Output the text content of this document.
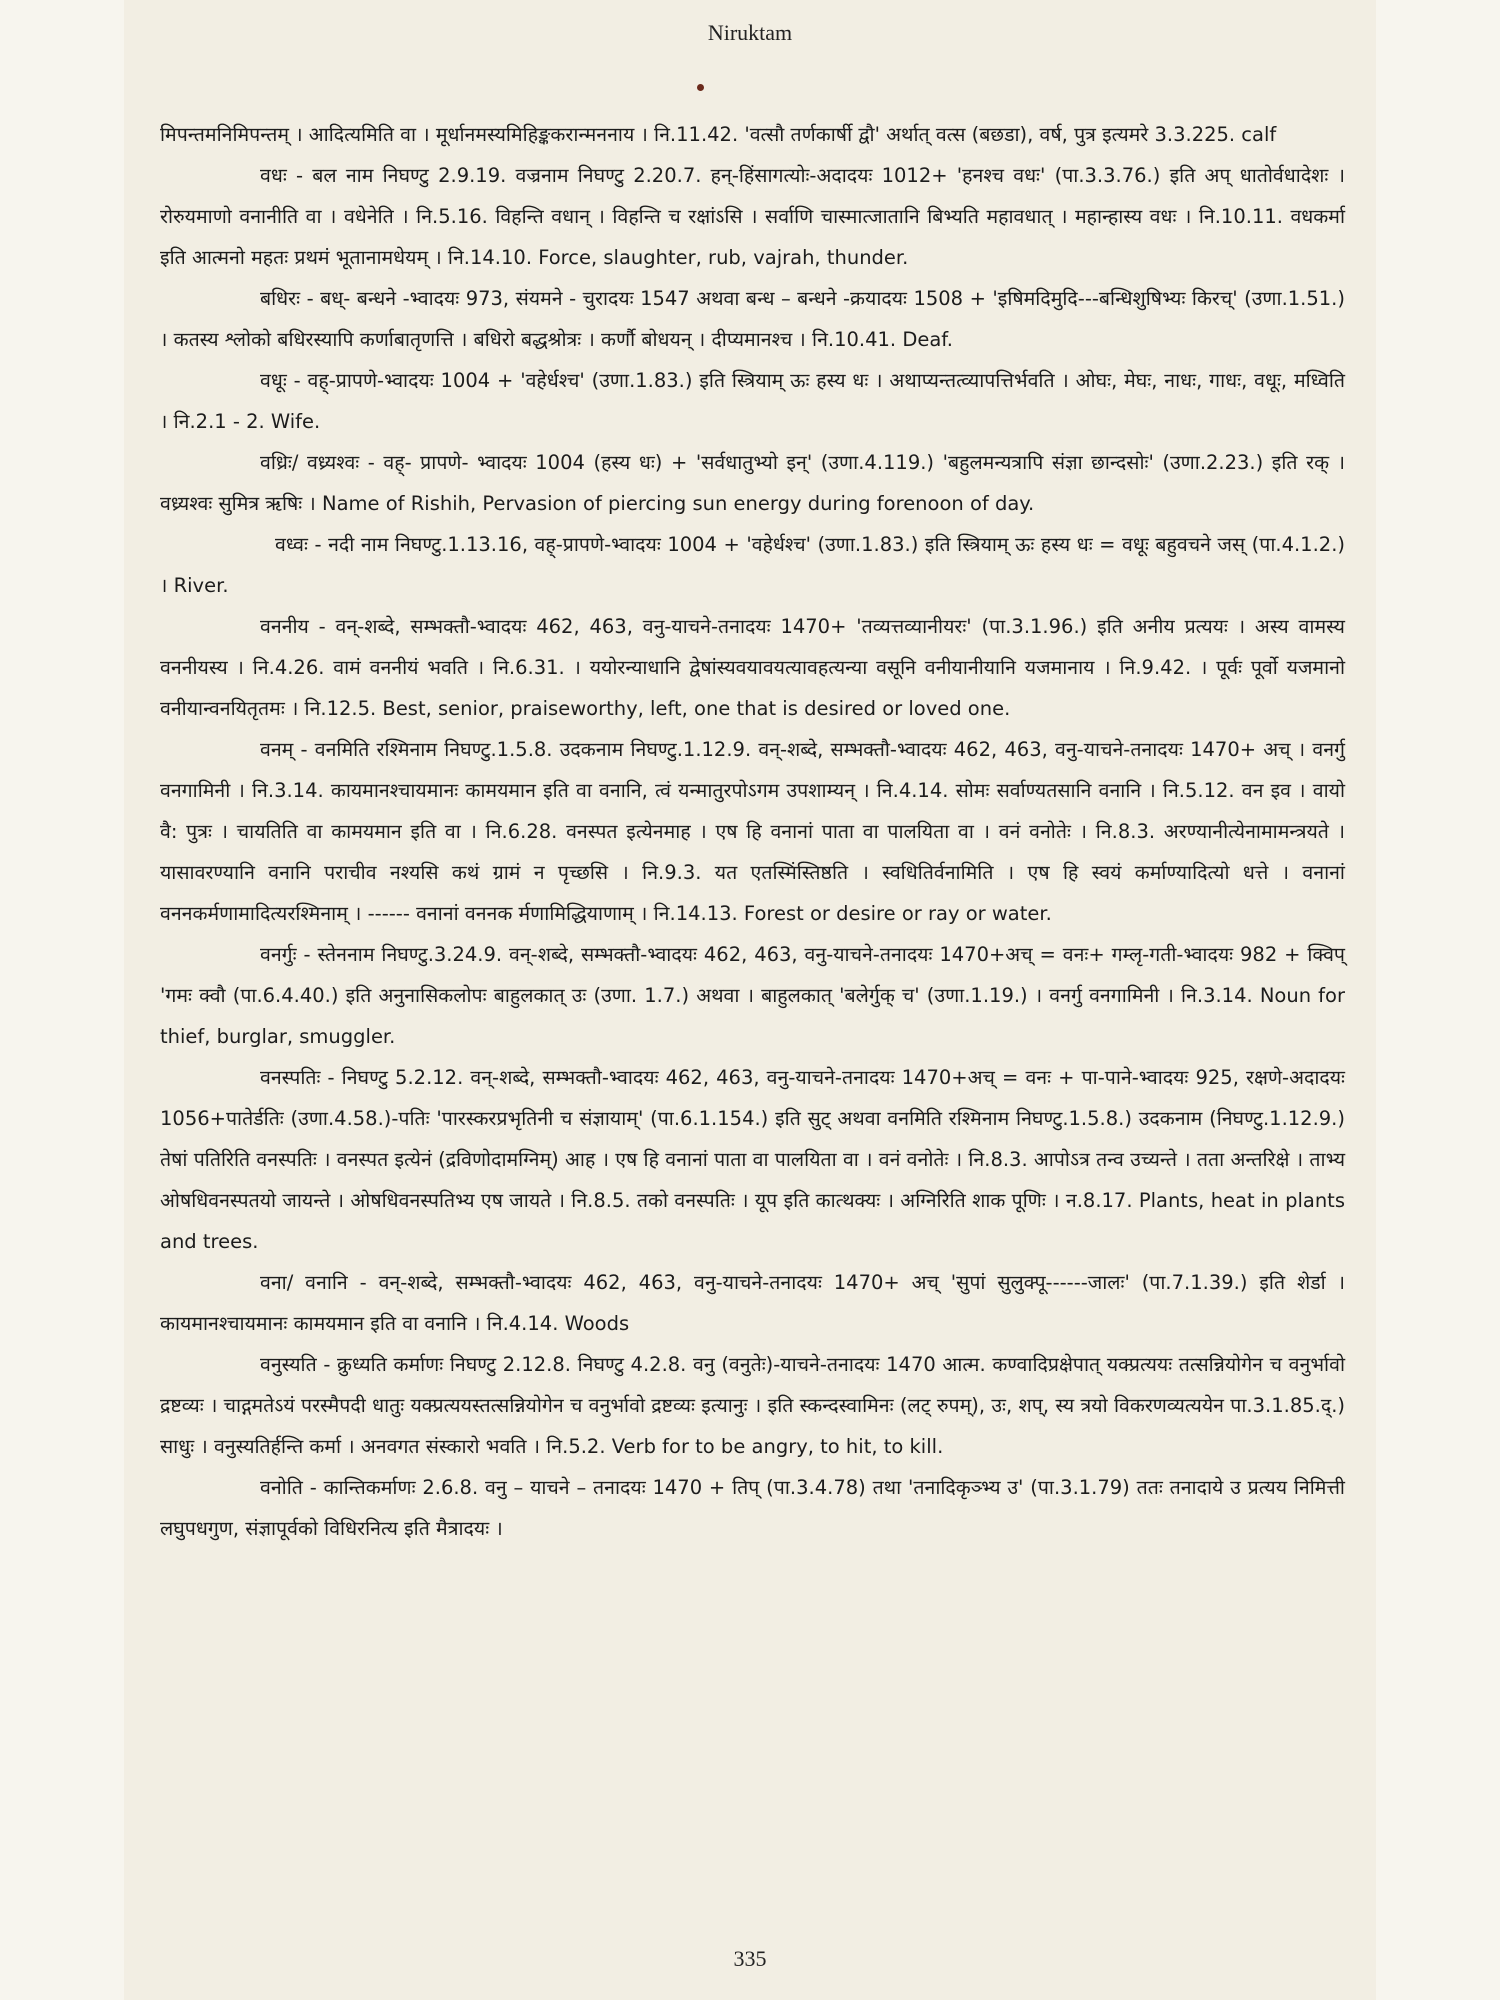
Niruktam

मिपन्तमनिमिपन्तम् । आदित्यमिति वा । मूर्धानमस्यमिहिङ्ककरान्मननाय । नि.11.42. 'वत्सौ तर्णकार्षी द्वौ' अर्थात् वत्स (बछडा), वर्ष, पुत्र इत्यमरे 3.3.225. calf

वधः - बल नाम निघण्टु 2.9.19. वज्रनाम निघण्टु 2.20.7. हन्-हिंसागत्योः-अदादयः 1012+ 'हनश्च वधः' (पा.3.3.76.) इति अप् धातोर्वधादेशः । रोरुयमाणो वनानीति वा । वधेनेति । नि.5.16. विहन्ति वधान् । विहन्ति च रक्षांऽसि । सर्वाणि चास्मात्जातानि बिभ्यति महावधात् । महान्हास्य वधः । नि.10.11. वधकर्मा इति आत्मनो महतः प्रथमं भूतानामधेयम् । नि.14.10. Force, slaughter, rub, vajrah, thunder.

बधिरः - बध्- बन्धने -भ्वादयः 973, संयमने - चुरादयः 1547 अथवा बन्ध – बन्धने -क्रयादयः 1508 + 'इषिमदिमुदि---बन्धिशुषिभ्यः किरच्' (उणा.1.51.) । कतस्य श्लोको बधिरस्यापि कर्णाबातृणत्ति । बधिरो बद्धश्रोत्रः । कर्णौ बोधयन् । दीप्यमानश्च । नि.10.41. Deaf.

वधूः - वह्-प्रापणे-भ्वादयः 1004 + 'वहेर्धश्च' (उणा.1.83.) इति स्त्रियाम् ऊः हस्य धः । अथाप्यन्तत्व्यापत्तिर्भवति । ओघः, मेघः, नाधः, गाधः, वधूः, मध्विति । नि.2.1 - 2. Wife.

वध्रिः/ वध्र्यश्वः - वह्- प्रापणे- भ्वादयः 1004 (हस्य धः) + 'सर्वधातुभ्यो इन्' (उणा.4.119.) 'बहुलमन्यत्रापि संज्ञा छान्दसोः' (उणा.2.23.) इति रक् । वध्र्यश्वः सुमित्र ऋषिः । Name of Rishih, Pervasion of piercing sun energy during forenoon of day.

वध्वः - नदी नाम निघण्टु.1.13.16, वह्-प्रापणे-भ्वादयः 1004 + 'वहेर्धश्च' (उणा.1.83.) इति स्त्रियाम् ऊः हस्य धः = वधूः बहुवचने जस् (पा.4.1.2.) । River.

वननीय - वन्-शब्दे, सम्भक्तौ-भ्वादयः 462, 463, वनु-याचने-तनादयः 1470+ 'तव्यत्तव्यानीयरः' (पा.3.1.96.) इति अनीय प्रत्ययः । अस्य वामस्य वननीयस्य । नि.4.26. वामं वननीयं भवति । नि.6.31. । ययोरन्याधानि द्वेषांस्यवयावयत्यावहत्यन्या वसूनि वनीयानीयानि यजमानाय । नि.9.42. । पूर्वः पूर्वो यजमानो वनीयान्वनयितृतमः । नि.12.5. Best, senior, praiseworthy, left, one that is desired or loved one.

वनम् - वनमिति रश्मिनाम निघण्टु.1.5.8. उदकनाम निघण्टु.1.12.9. वन्-शब्दे, सम्भक्तौ-भ्वादयः 462, 463, वनु-याचने-तनादयः 1470+ अच् । वनर्गु वनगामिनी । नि.3.14. कायमानश्चायमानः कामयमान इति वा वनानि, त्वं यन्मातुरपोऽगम उपशाम्यन् । नि.4.14. सोमः सर्वाण्यतसानि वनानि । नि.5.12. वन इव । वायो वै: पुत्रः । चायतिति वा कामयमान इति वा । नि.6.28. वनस्पत इत्येनमाह । एष हि वनानां पाता वा पालयिता वा । वनं वनोतेः । नि.8.3. अरण्यानीत्येनामामन्त्रयते । यासावरण्यानि वनानि पराचीव नश्यसि कथं ग्रामं न पृच्छसि । नि.9.3. यत एतस्मिंस्तिष्ठति । स्वधितिर्वनामिति । एष हि स्वयं कर्माण्यादित्यो धत्ते । वनानां वननकर्मणामादित्यरश्मिनाम् । ------ वनानां वननक र्मणामिद्धियाणाम् । नि.14.13. Forest or desire or ray or water.

वनर्गुः - स्तेननाम निघण्टु.3.24.9. वन्-शब्दे, सम्भक्तौ-भ्वादयः 462, 463, वनु-याचने-तनादयः 1470+अच् = वनः+ गम्लृ-गती-भ्वादयः 982 + क्विप् 'गमः क्वौ (पा.6.4.40.) इति अनुनासिकलोपः बाहुलकात् उः (उणा. 1.7.) अथवा । बाहुलकात् 'बलेर्गुक् च' (उणा.1.19.) । वनर्गु वनगामिनी । नि.3.14. Noun for thief, burglar, smuggler.

वनस्पतिः - निघण्टु 5.2.12. वन्-शब्दे, सम्भक्तौ-भ्वादयः 462, 463, वनु-याचने-तनादयः 1470+अच् = वनः + पा-पाने-भ्वादयः 925, रक्षणे-अदादयः 1056+पातेर्डतिः (उणा.4.58.)-पतिः 'पारस्करप्रभृतिनी च संज्ञायाम्' (पा.6.1.154.) इति सुट् अथवा वनमिति रश्मिनाम निघण्टु.1.5.8.) उदकनाम (निघण्टु.1.12.9.) तेषां पतिरिति वनस्पतिः । वनस्पत इत्येनं (द्रविणोदामग्निम्) आह । एष हि वनानां पाता वा पालयिता वा । वनं वनोतेः । नि.8.3. आपोऽत्र तन्व उच्यन्ते । तता अन्तरिक्षे । ताभ्य ओषधिवनस्पतयो जायन्ते । ओषधिवनस्पतिभ्य एष जायते । नि.8.5. तको वनस्पतिः । यूप इति कात्थक्यः । अग्निरिति शाक पूणिः । न.8.17. Plants, heat in plants and trees.

वना/ वनानि - वन्-शब्दे, सम्भक्तौ-भ्वादयः 462, 463, वनु-याचने-तनादयः 1470+ अच् 'सुपां सुलुक्पू------जालः' (पा.7.1.39.) इति शेर्डा । कायमानश्चायमानः कामयमान इति वा वनानि । नि.4.14. Woods

वनुस्यति - क्रुध्यति कर्माणः निघण्टु 2.12.8. निघण्टु 4.2.8. वनु (वनुतेः)-याचने-तनादयः 1470 आत्म. कण्वादिप्रक्षेपात् यक्प्रत्ययः तत्सन्नियोगेन च वनुर्भावो द्रष्टव्यः । चाद्गमतेऽयं परस्मैपदी धातुः यक्प्रत्ययस्तत्सन्नियोगेन च वनुर्भावो द्रष्टव्यः इत्यानुः । इति स्कन्दस्वामिनः (लट् रुपम्), उः, शप्, स्य त्रयो विकरणव्यत्ययेन पा.3.1.85.द्.) साधुः । वनुस्यतिर्हन्ति कर्मा । अनवगत संस्कारो भवति । नि.5.2. Verb for to be angry, to hit, to kill.

वनोति - कान्तिकर्माणः 2.6.8. वनु – याचने – तनादयः 1470 + तिप् (पा.3.4.78) तथा 'तनादिकृञ्भ्य उ' (पा.3.1.79) ततः तनादाये उ प्रत्यय निमित्ती लघुपधगुण, संज्ञापूर्वको विधिरनित्य इति मैत्रादयः ।

335
